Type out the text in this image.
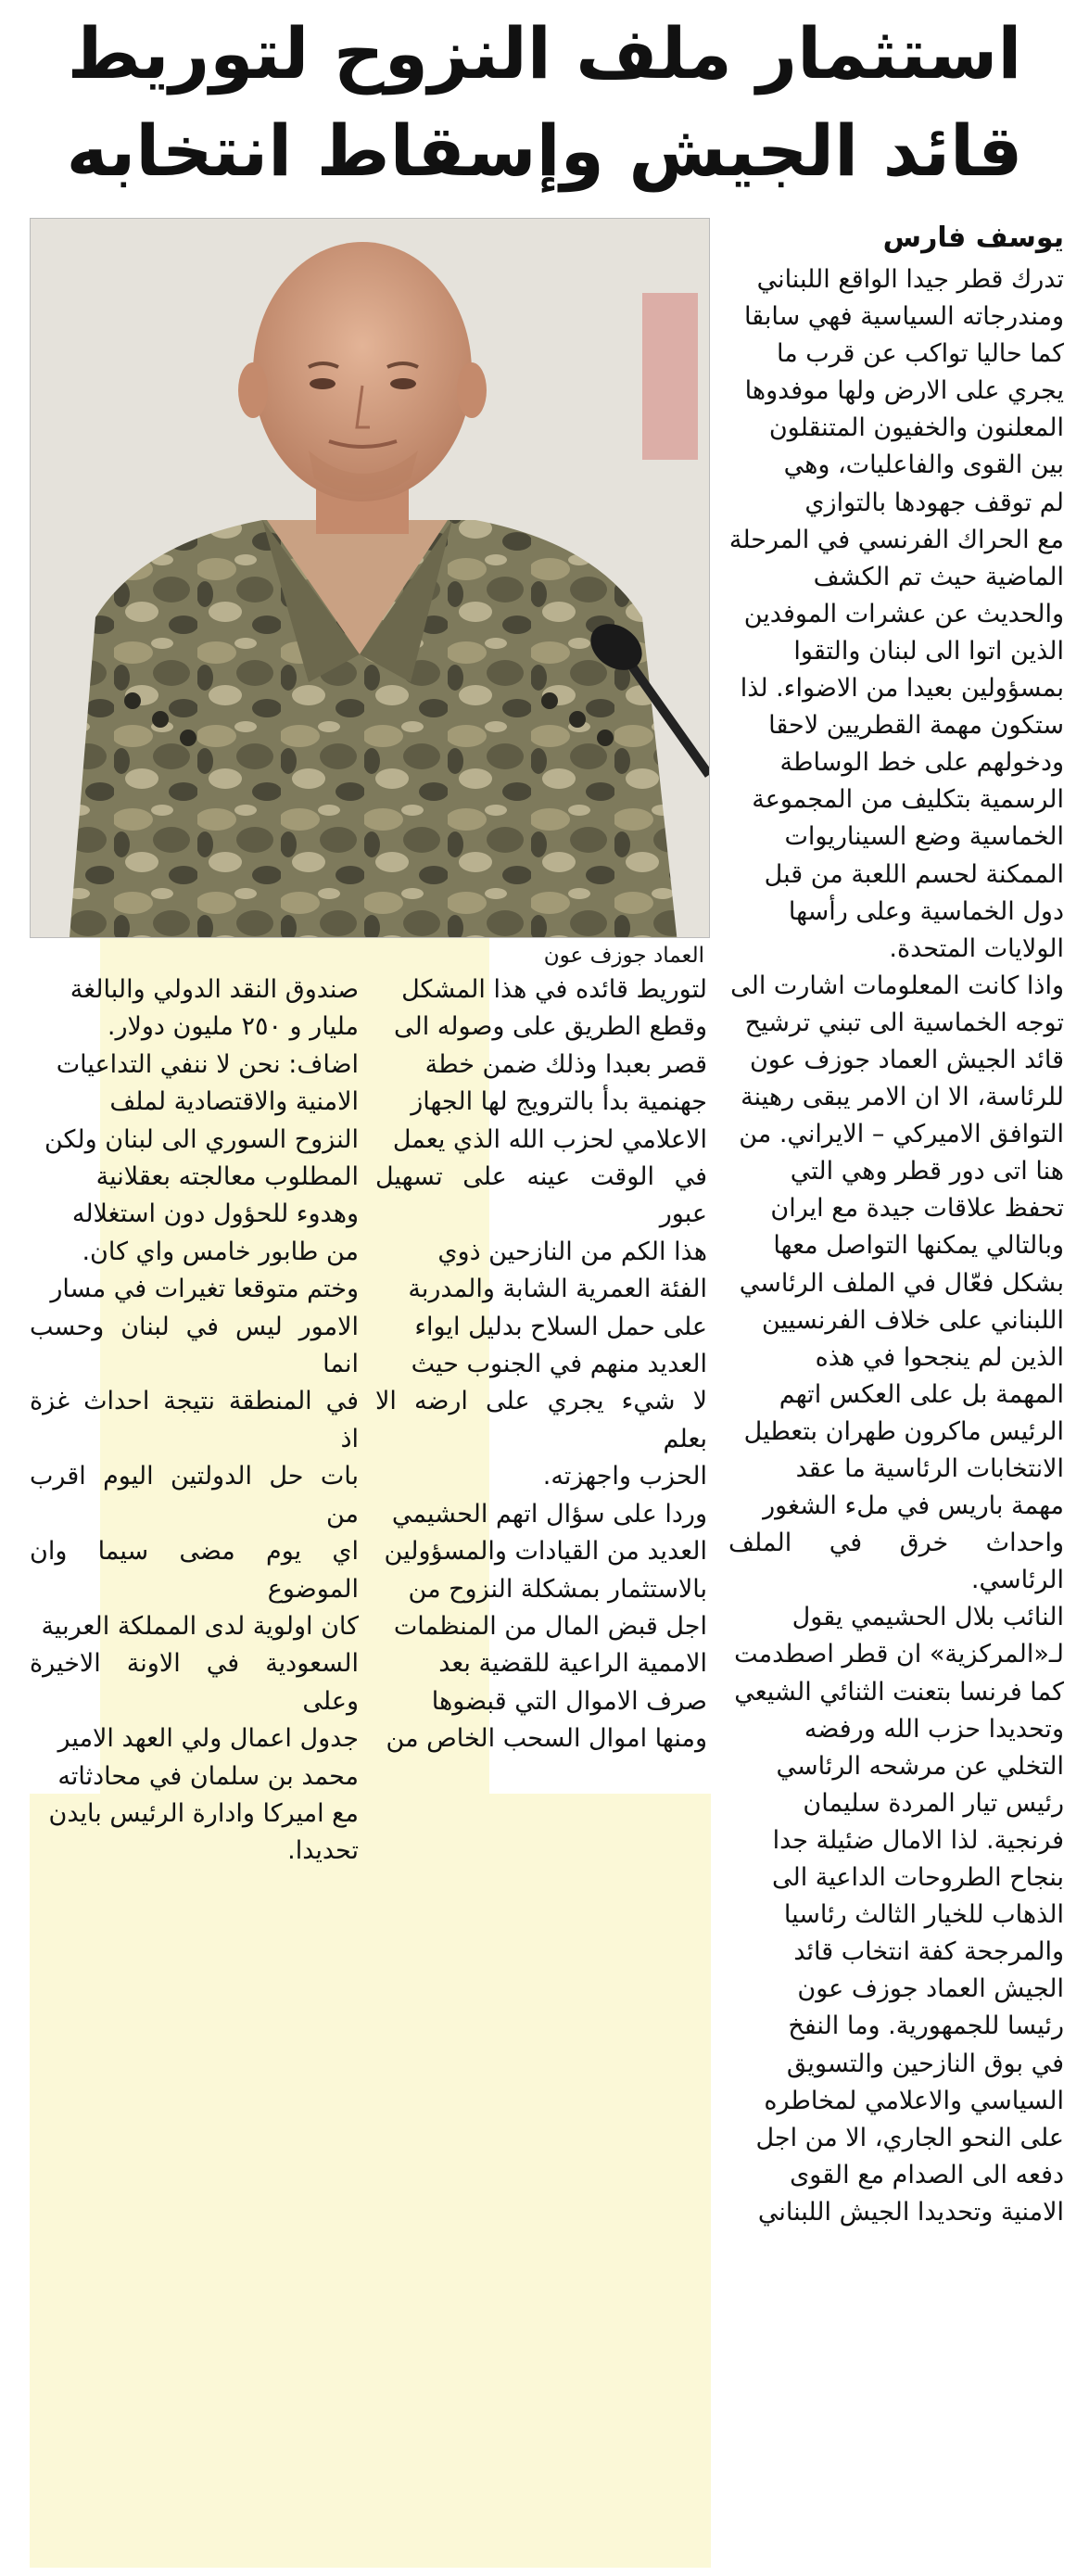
استثمار ملف النزوح لتوريط
قائد الجيش وإسقاط انتخابه
يوسف فارس
تدرك قطر جيدا الواقع اللبناني
ومندرجاته السياسية فهي سابقا
كما حاليا تواكب عن قرب ما
يجري على الارض ولها موفدوها
المعلنون والخفيون المتنقلون
بين القوى والفاعليات، وهي
لم توقف جهودها بالتوازي
مع الحراك الفرنسي في المرحلة
الماضية حيث تم الكشف
والحديث عن عشرات الموفدين
الذين اتوا الى لبنان والتقوا
بمسؤولين بعيدا من الاضواء. لذا
ستكون مهمة القطريين لاحقا
ودخولهم على خط الوساطة
الرسمية بتكليف من المجموعة
الخماسية وضع السيناريوات
الممكنة لحسم اللعبة من قبل
دول الخماسية وعلى رأسها
الولايات المتحدة.
واذا كانت المعلومات اشارت الى
توجه الخماسية الى تبني ترشيح
قائد الجيش العماد جوزف عون
للرئاسة، الا ان الامر يبقى رهينة
التوافق الاميركي – الايراني. من
هنا اتى دور قطر وهي التي
تحفظ علاقات جيدة مع ايران
وبالتالي يمكنها التواصل معها
بشكل فعّال في الملف الرئاسي
اللبناني على خلاف الفرنسيين
الذين لم ينجحوا في هذه
المهمة بل على العكس اتهم
الرئيس ماكرون طهران بتعطيل
الانتخابات الرئاسية ما عقد
مهمة باريس في ملء الشغور
واحداث خرق في الملف الرئاسي.
النائب بلال الحشيمي يقول
لـ«المركزية» ان قطر اصطدمت
كما فرنسا بتعنت الثنائي الشيعي
وتحديدا حزب الله ورفضه
التخلي عن مرشحه الرئاسي
رئيس تيار المردة سليمان
فرنجية. لذا الامال ضئيلة جدا
بنجاح الطروحات الداعية الى
الذهاب للخيار الثالث رئاسيا
والمرجحة كفة انتخاب قائد
الجيش العماد جوزف عون
رئيسا للجمهورية. وما النفخ
في بوق النازحين والتسويق
السياسي والاعلامي لمخاطره
على النحو الجاري، الا من اجل
دفعه الى الصدام مع القوى
الامنية وتحديدا الجيش اللبناني
العماد جوزف عون
لتوريط قائده في هذا المشكل
وقطع الطريق على وصوله الى
قصر بعبدا وذلك ضمن خطة
جهنمية بدأ بالترويج لها الجهاز
الاعلامي لحزب الله الذي يعمل
في الوقت عينه على تسهيل عبور
هذا الكم من النازحين ذوي
الفئة العمرية الشابة والمدربة
على حمل السلاح بدليل ايواء
العديد منهم في الجنوب حيث
لا شيء يجري على ارضه الا بعلم
الحزب واجهزته.
وردا على سؤال اتهم الحشيمي
العديد من القيادات والمسؤولين
بالاستثمار بمشكلة النزوح من
اجل قبض المال من المنظمات
الاممية الراعية للقضية بعد
صرف الاموال التي قبضوها
ومنها اموال السحب الخاص من
صندوق النقد الدولي والبالغة
مليار و ٢٥٠ مليون دولار.
اضاف: نحن لا ننفي التداعيات
الامنية والاقتصادية لملف
النزوح السوري الى لبنان ولكن
المطلوب معالجته بعقلانية
وهدوء للحؤول دون استغلاله
من طابور خامس واي كان.
وختم متوقعا تغيرات في مسار
الامور ليس في لبنان وحسب انما
في المنطقة نتيجة احداث غزة اذ
بات حل الدولتين اليوم اقرب من
اي يوم مضى سيما وان الموضوع
كان اولوية لدى المملكة العربية
السعودية في الاونة الاخيرة وعلى
جدول اعمال ولي العهد الامير
محمد بن سلمان في محادثاته
مع اميركا وادارة الرئيس بايدن
تحديدا.
